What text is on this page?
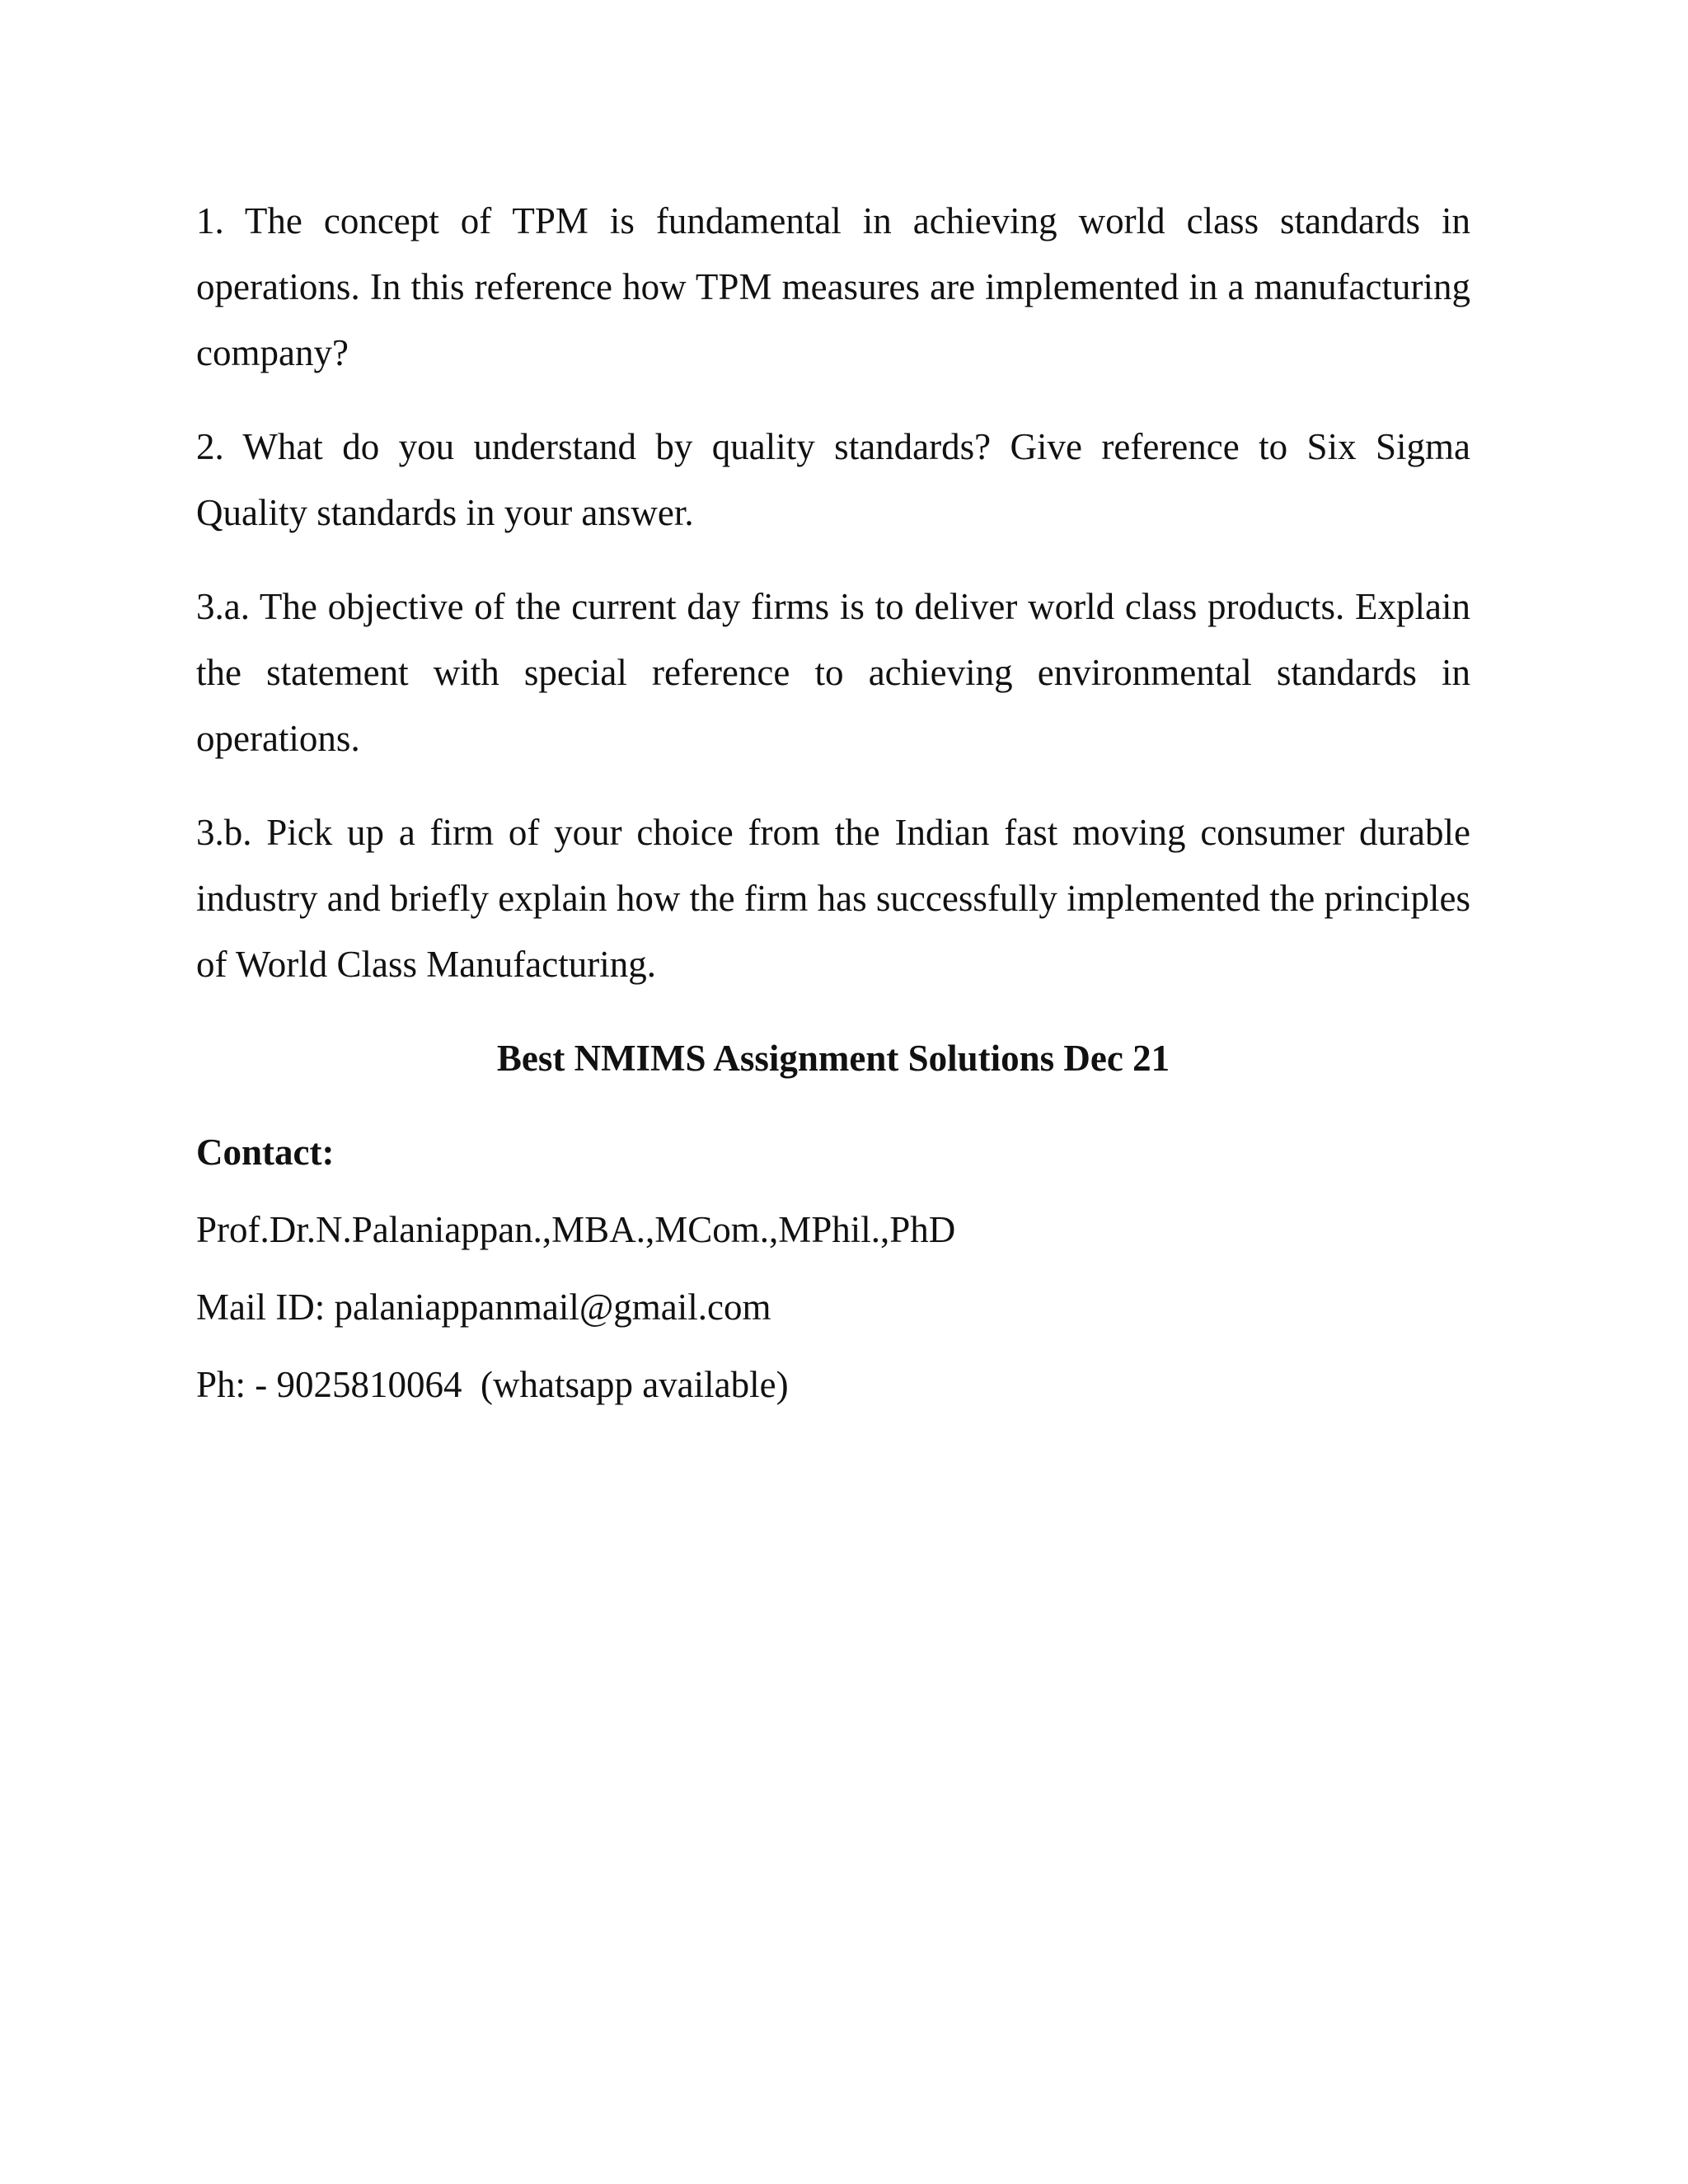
1. The concept of TPM is fundamental in achieving world class standards in operations. In this reference how TPM measures are implemented in a manufacturing company?

2. What do you understand by quality standards? Give reference to Six Sigma Quality standards in your answer.

3.a. The objective of the current day firms is to deliver world class products. Explain the statement with special reference to achieving environmental standards in operations.

3.b. Pick up a firm of your choice from the Indian fast moving consumer durable industry and briefly explain how the firm has successfully implemented the principles of World Class Manufacturing.

Best NMIMS Assignment Solutions Dec 21

Contact:

Prof.Dr.N.Palaniappan.,MBA.,MCom.,MPhil.,PhD

Mail ID: palaniappanmail@gmail.com

Ph: - 9025810064  (whatsapp available)
